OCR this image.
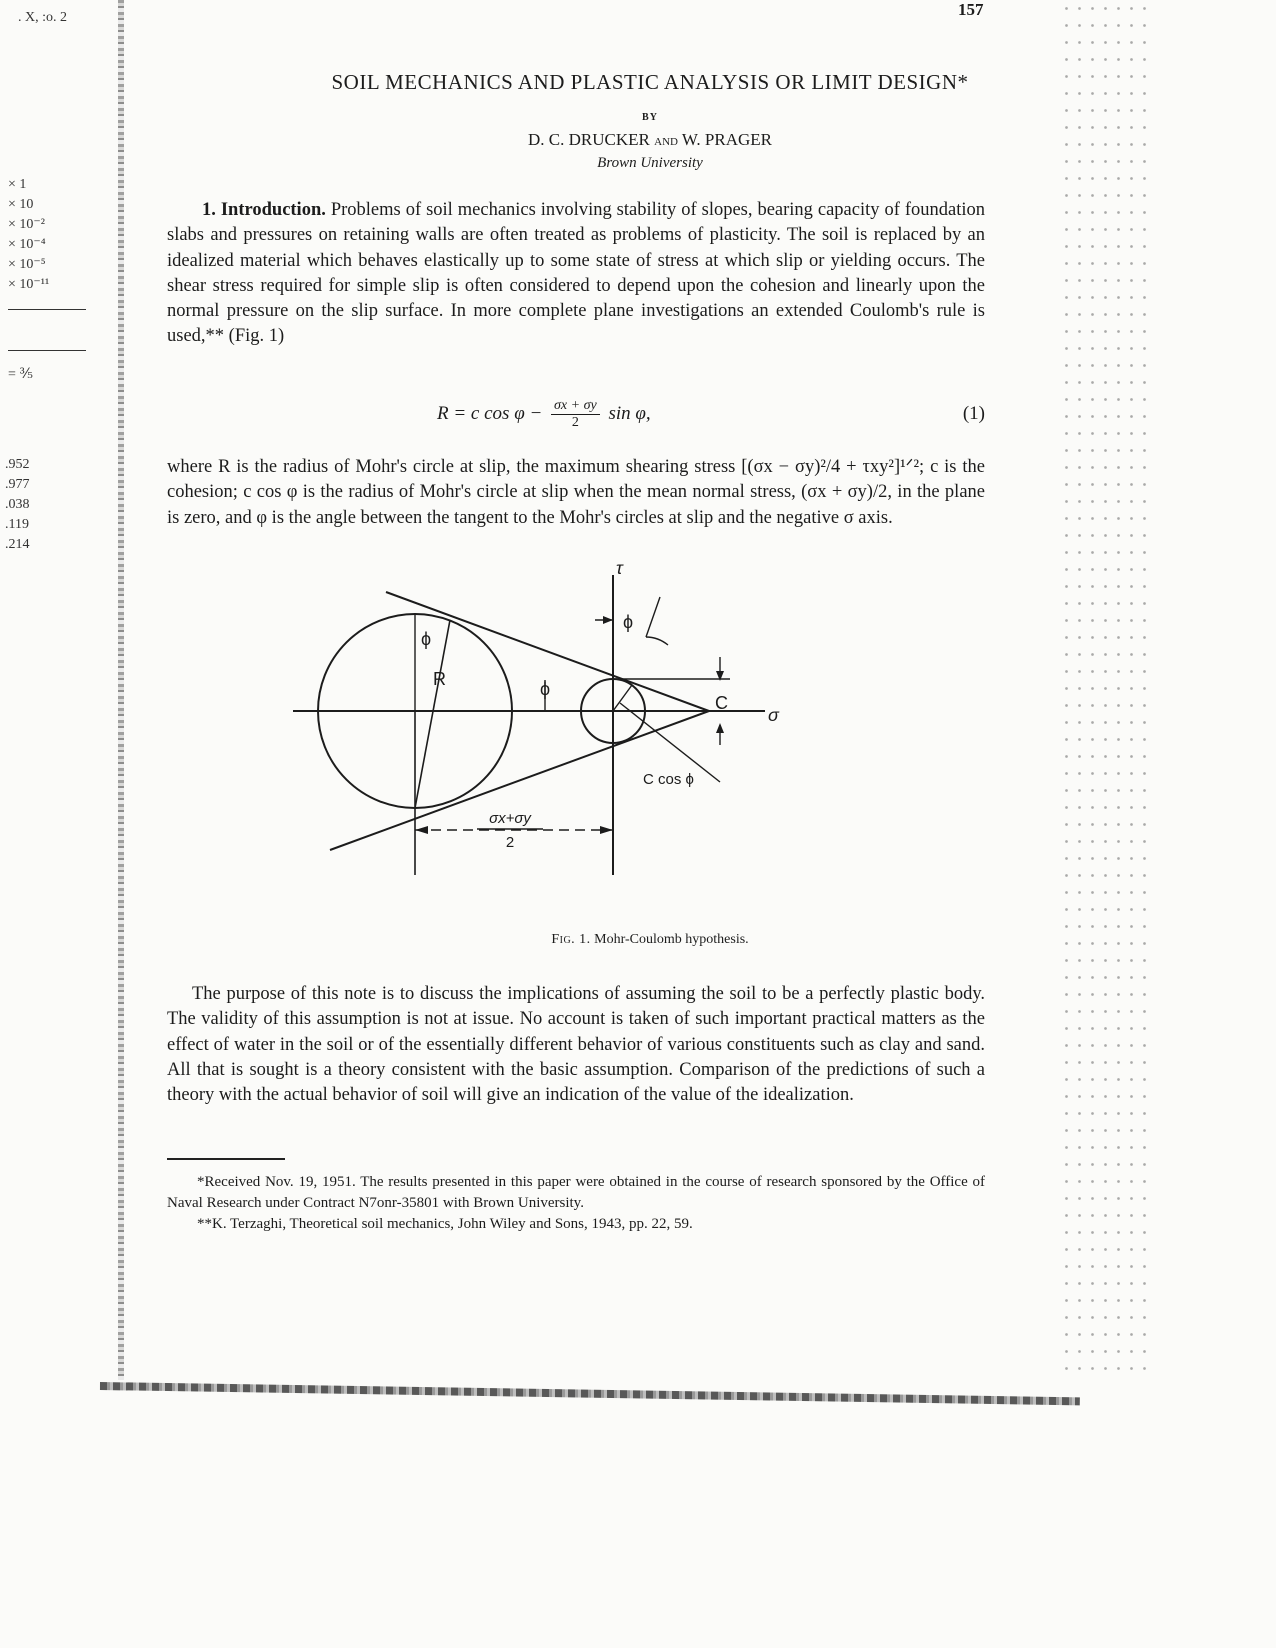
. X, :o. 2
× 1
× 10
× 10⁻²
× 10⁻⁴
× 10⁻⁵
× 10⁻¹¹
= ⅗
.952
.977
.038
.119
.214
157
SOIL MECHANICS AND PLASTIC ANALYSIS OR LIMIT DESIGN*
BY
D. C. DRUCKER AND W. PRAGER
Brown University
1. Introduction. Problems of soil mechanics involving stability of slopes, bearing capacity of foundation slabs and pressures on retaining walls are often treated as problems of plasticity. The soil is replaced by an idealized material which behaves elastically up to some state of stress at which slip or yielding occurs. The shear stress required for simple slip is often considered to depend upon the cohesion and linearly upon the normal pressure on the slip surface. In more complete plane investigations an extended Coulomb's rule is used,** (Fig. 1)
R = c $\cos \varphi - \frac{\sigma x + \sigma y}{2}$ sin φ,	(1)
where R is the radius of Mohr's circle at slip, the maximum shearing stress [(σx − σy)²/4 + τxy²]¹ᐟ²; c is the cohesion; c cos φ is the radius of Mohr's circle at slip when the mean normal stress, (σx + σy)/2, in the plane is zero, and φ is the angle between the tangent to the Mohr's circles at slip and the negative σ axis.
τ
σ
ϕ
ϕ
ϕ
R
C
C cos ϕ
σx+σy
2
Fig. 1. Mohr-Coulomb hypothesis.
The purpose of this note is to discuss the implications of assuming the soil to be a perfectly plastic body. The validity of this assumption is not at issue. No account is taken of such important practical matters as the effect of water in the soil or of the essentially different behavior of various constituents such as clay and sand. All that is sought is a theory consistent with the basic assumption. Comparison of the predictions of such a theory with the actual behavior of soil will give an indication of the value of the idealization.
*Received Nov. 19, 1951. The results presented in this paper were obtained in the course of research sponsored by the Office of Naval Research under Contract N7onr-35801 with Brown University.
**K. Terzaghi, Theoretical soil mechanics, John Wiley and Sons, 1943, pp. 22, 59.
